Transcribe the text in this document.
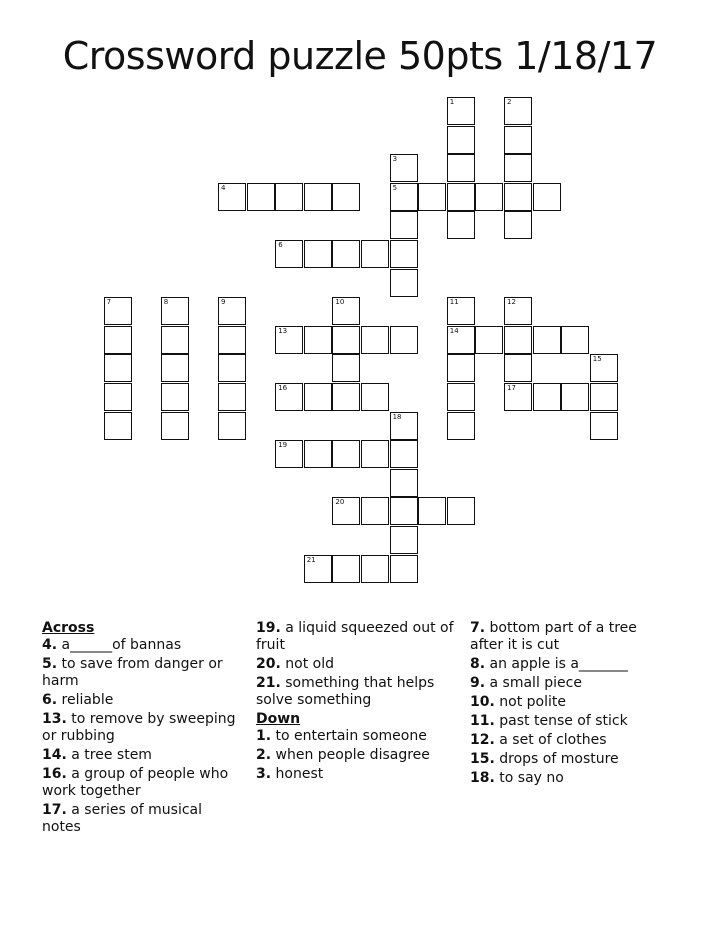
Crossword puzzle 50pts 1/18/17
1	2
3
5
4
6
7	8	9	10	11
14
12
17
13
15
16
18
19
20
21
Across
4. a______of bannas
5. to save from danger or harm
6. reliable
13. to remove by sweeping or rubbing
14. a tree stem
16. a group of people who work together
17. a series of musical notes
19. a liquid squeezed out of fruit
20. not old
21. something that helps solve something
Down
1. to entertain someone
2. when people disagree
3. honest
7. bottom part of a tree after it is cut
8. an apple is a_______
9. a small piece
10. not polite
11. past tense of stick
12. a set of clothes
15. drops of mosture
18. to say no
